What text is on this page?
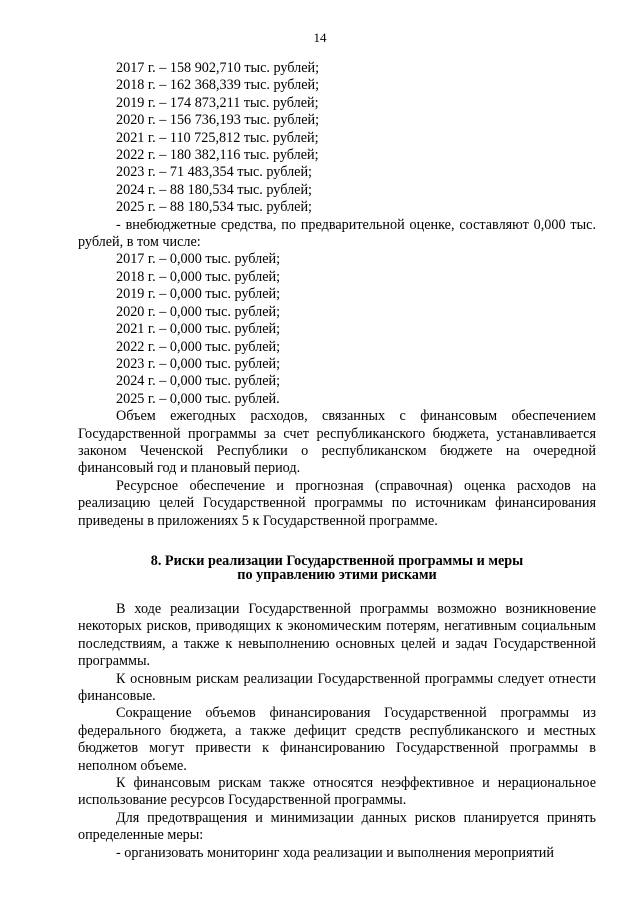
14
2017 г. – 158 902,710 тыс. рублей;
2018 г. – 162 368,339 тыс. рублей;
2019 г. – 174 873,211 тыс. рублей;
2020 г. – 156 736,193 тыс. рублей;
2021 г. – 110 725,812 тыс. рублей;
2022 г. – 180 382,116 тыс. рублей;
2023 г. – 71 483,354 тыс. рублей;
2024 г. – 88 180,534 тыс. рублей;
2025 г. – 88 180,534 тыс. рублей;

- внебюджетные средства, по предварительной оценке, составляют 0,000 тыс. рублей, в том числе:

2017 г. – 0,000 тыс. рублей;
2018 г. – 0,000 тыс. рублей;
2019 г. – 0,000 тыс. рублей;
2020 г. – 0,000 тыс. рублей;
2021 г. – 0,000 тыс. рублей;
2022 г. – 0,000 тыс. рублей;
2023 г. – 0,000 тыс. рублей;
2024 г. – 0,000 тыс. рублей;
2025 г. – 0,000 тыс. рублей.

Объем ежегодных расходов, связанных с финансовым обеспечением Государственной программы за счет республиканского бюджета, устанавливается законом Чеченской Республики о республиканском бюджете на очередной финансовый год и плановый период.

Ресурсное обеспечение и прогнозная (справочная) оценка расходов на реализацию целей Государственной программы по источникам финансирования приведены в приложениях 5 к Государственной программе.

8. Риски реализации Государственной программы и меры
по управлению этими рисками

В ходе реализации Государственной программы возможно возникновение некоторых рисков, приводящих к экономическим потерям, негативным социальным последствиям, а также к невыполнению основных целей и задач Государственной программы.

К основным рискам реализации Государственной программы следует отнести финансовые.

Сокращение объемов финансирования Государственной программы из федерального бюджета, а также дефицит средств республиканского и местных бюджетов могут привести к финансированию Государственной программы в неполном объеме.

К финансовым рискам также относятся неэффективное и нерациональное использование ресурсов Государственной программы.

Для предотвращения и минимизации данных рисков планируется принять определенные меры:

- организовать мониторинг хода реализации и выполнения мероприятий
